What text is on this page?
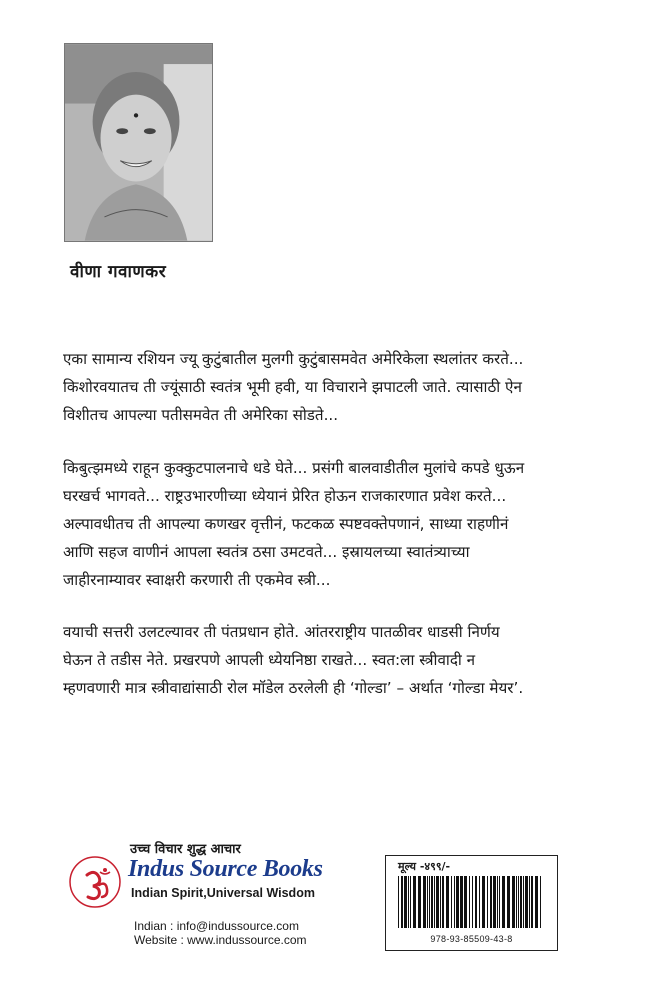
वीणा गवाणकर
एका सामान्य रशियन ज्यू कुटुंबातील मुलगी कुटुंबासमवेत अमेरिकेला स्थलांतर करते...
किशोरवयातच ती ज्यूंसाठी स्वतंत्र भूमी हवी, या विचाराने झपाटली जाते. त्यासाठी ऐन
विशीतच आपल्या पतीसमवेत ती अमेरिका सोडते...
किबुत्झमध्ये राहून कुक्कुटपालनाचे धडे घेते... प्रसंगी बालवाडीतील मुलांचे कपडे धुऊन
घरखर्च भागवते... राष्ट्रउभारणीच्या ध्येयानं प्रेरित होऊन राजकारणात प्रवेश करते...
अल्पावधीतच ती आपल्या कणखर वृत्तीनं, फटकळ स्पष्टवक्तेपणानं, साध्या राहणीनं
आणि सहज वाणीनं आपला स्वतंत्र ठसा उमटवते... इस्रायलच्या स्वातंत्र्याच्या
जाहीरनाम्यावर स्वाक्षरी करणारी ती एकमेव स्त्री...
वयाची सत्तरी उलटल्यावर ती पंतप्रधान होते. आंतरराष्ट्रीय पातळीवर धाडसी निर्णय
घेऊन ते तडीस नेते. प्रखरपणे आपली ध्येयनिष्ठा राखते... स्वत:ला स्त्रीवादी न
म्हणवणारी मात्र स्त्रीवाद्यांसाठी रोल मॉडेल ठरलेली ही ‘गोल्डा’ – अर्थात ‘गोल्डा मेयर’.
उच्च विचार शुद्ध आचार
Indus Source Books
Indian Spirit,Universal Wisdom
Indian : info@indussource.com
Website : www.indussource.com
मूल्य -४९९/-
978-93-85509-43-8
